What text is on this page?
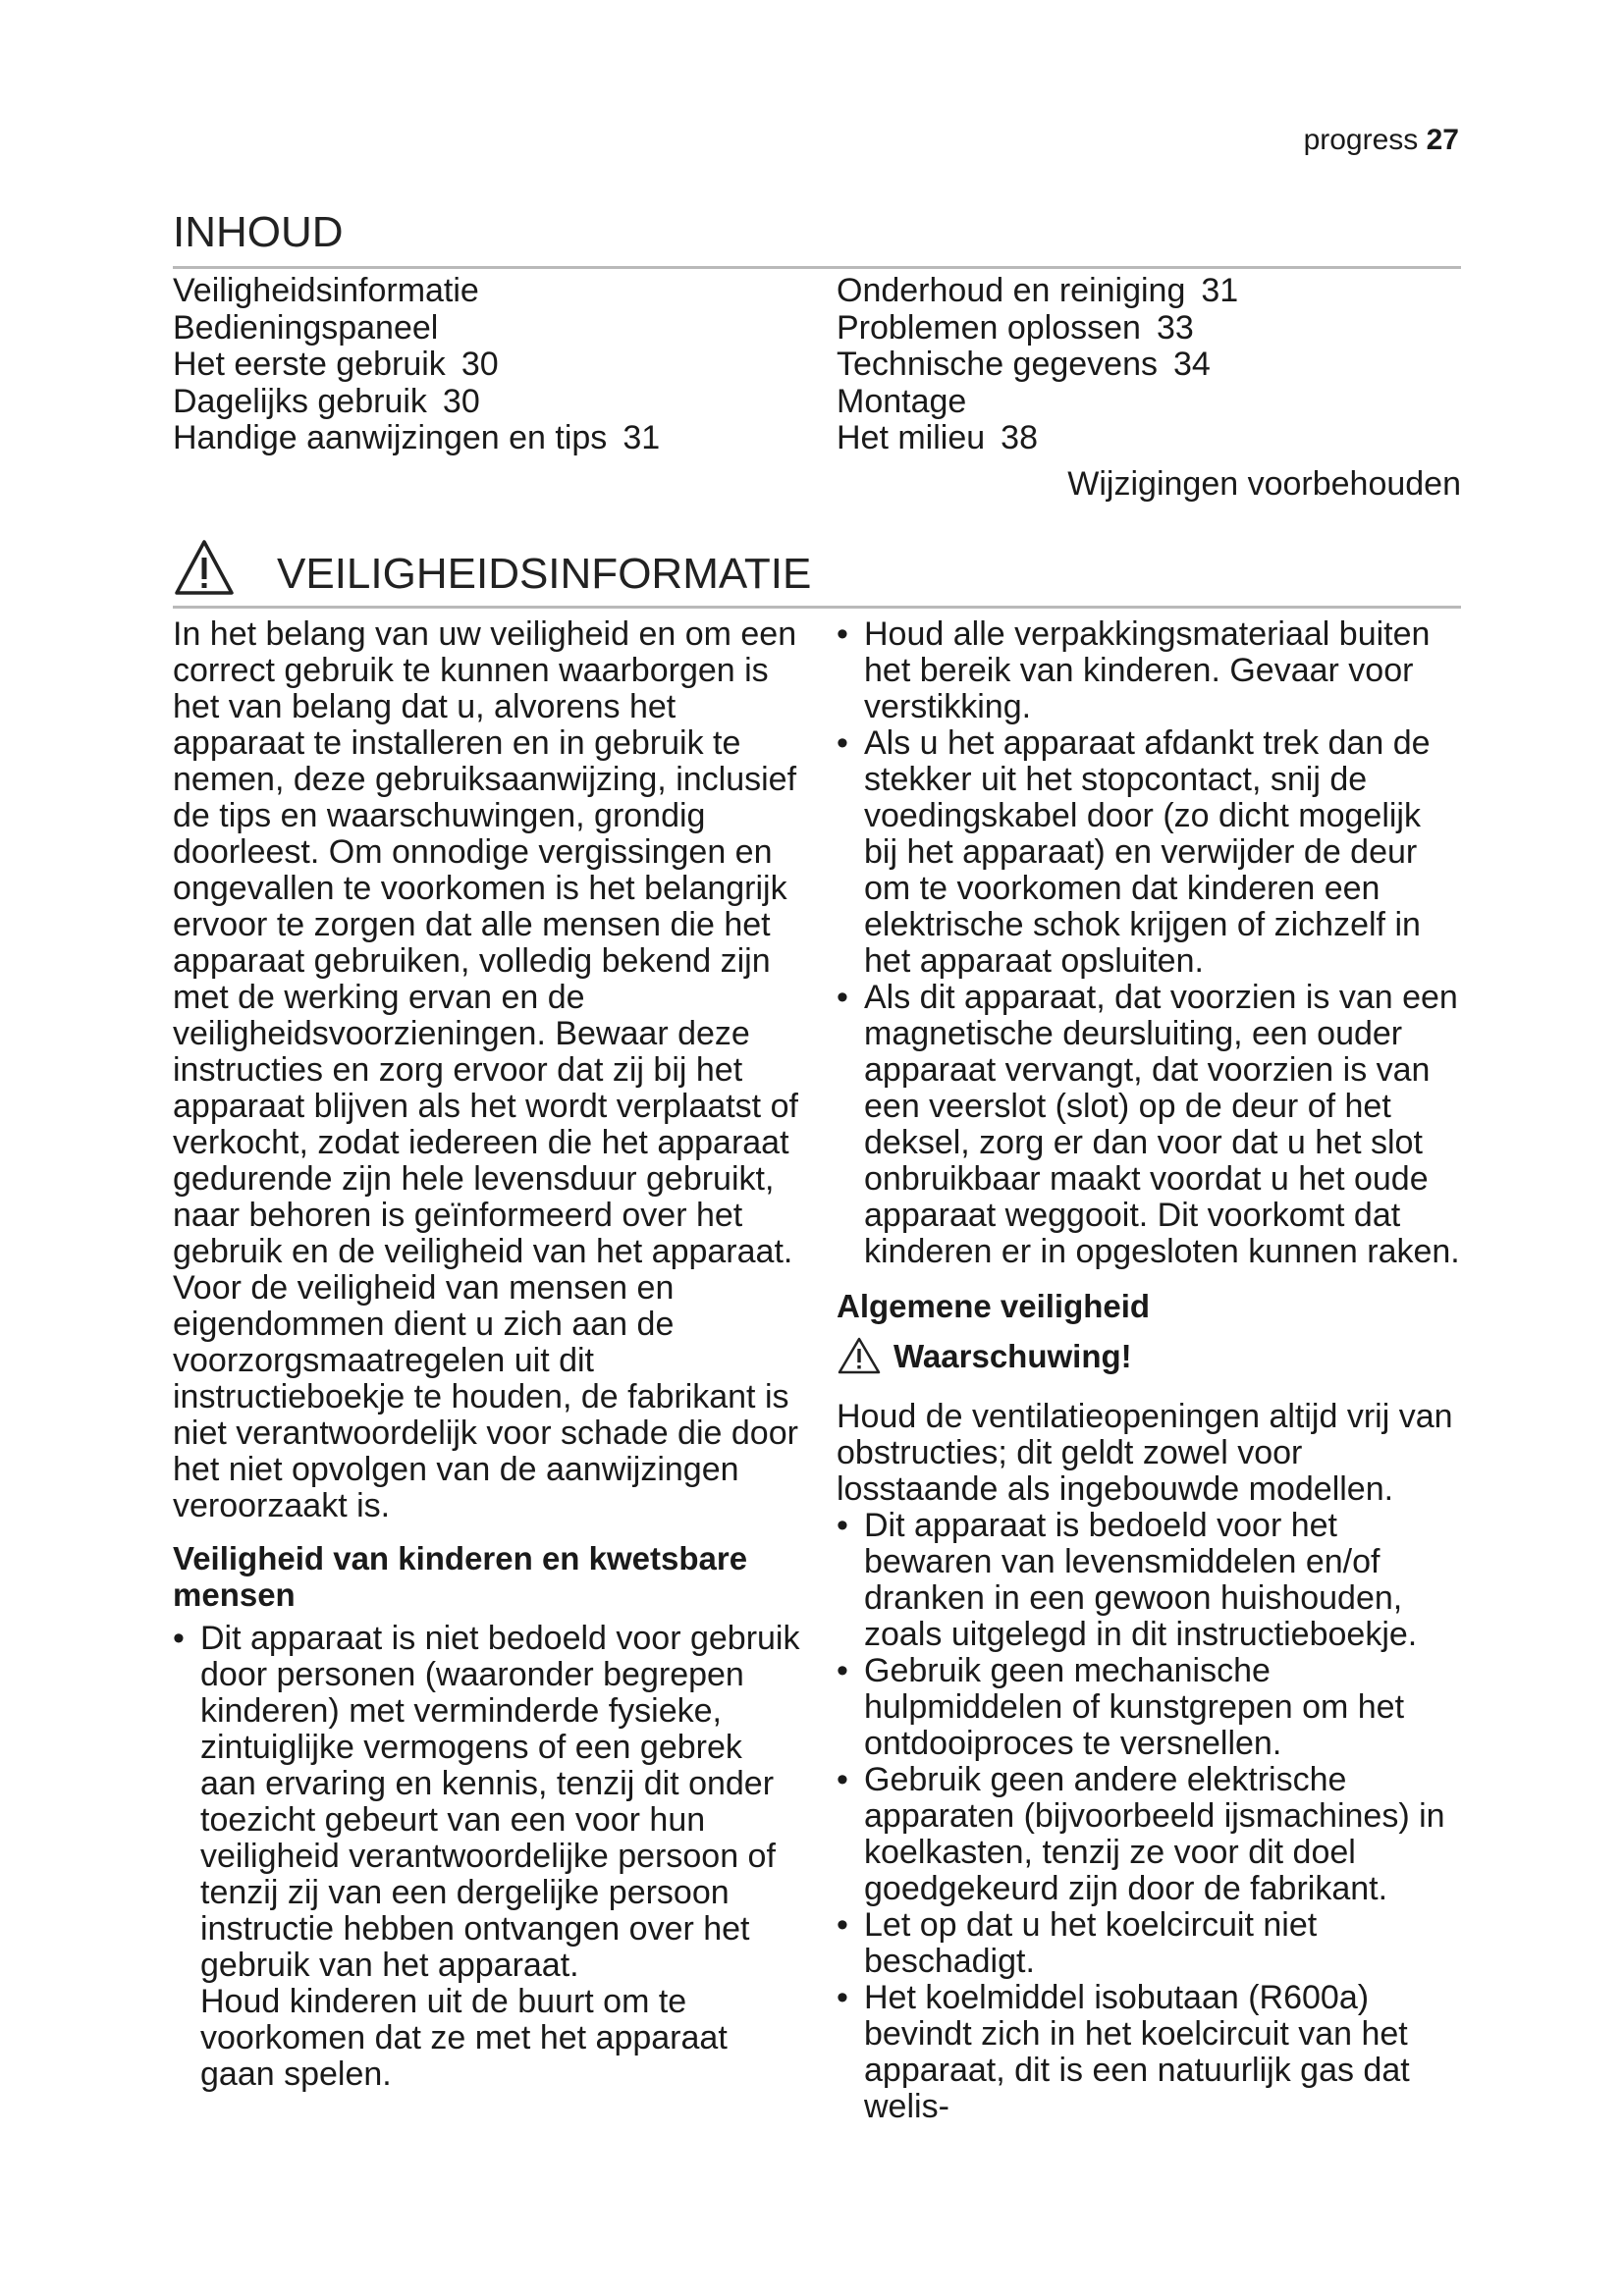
progress 27
INHOUD
Veiligheidsinformatie
Bedieningspaneel
Het eerste gebruik 30
Dagelijks gebruik 30
Handige aanwijzingen en tips 31
Onderhoud en reiniging 31
Problemen oplossen 33
Technische gegevens 34
Montage
Het milieu 38
Wijzigingen voorbehouden
VEILIGHEIDSINFORMATIE

In het belang van uw veiligheid en om een correct gebruik te kunnen waarborgen is het van belang dat u, alvorens het apparaat te installeren en in gebruik te nemen, deze gebruiksaanwijzing, inclusief de tips en waarschuwingen, grondig doorleest. Om onnodige vergissingen en ongevallen te voorkomen is het belangrijk ervoor te zorgen dat alle mensen die het apparaat gebruiken, volledig bekend zijn met de werking ervan en de veiligheidsvoorzieningen. Bewaar deze instructies en zorg ervoor dat zij bij het apparaat blijven als het wordt verplaatst of verkocht, zodat iedereen die het apparaat gedurende zijn hele levensduur gebruikt, naar behoren is geïnformeerd over het gebruik en de veiligheid van het apparaat.

Voor de veiligheid van mensen en eigendommen dient u zich aan de voorzorgsmaatregelen uit dit instructieboekje te houden, de fabrikant is niet verantwoordelijk voor schade die door het niet opvolgen van de aanwijzingen veroorzaakt is.

Veiligheid van kinderen en kwetsbare mensen
• Dit apparaat is niet bedoeld voor gebruik door personen (waaronder begrepen kinderen) met verminderde fysieke, zintuiglijke vermogens of een gebrek aan ervaring en kennis, tenzij dit onder toezicht gebeurt van een voor hun veiligheid verantwoordelijke persoon of tenzij zij van een dergelijke persoon instructie hebben ontvangen over het gebruik van het apparaat.
Houd kinderen uit de buurt om te voorkomen dat ze met het apparaat gaan spelen.
• Houd alle verpakkingsmateriaal buiten het bereik van kinderen. Gevaar voor verstikking.
• Als u het apparaat afdankt trek dan de stekker uit het stopcontact, snij de voedingskabel door (zo dicht mogelijk bij het apparaat) en verwijder de deur om te voorkomen dat kinderen een elektrische schok krijgen of zichzelf in het apparaat opsluiten.
• Als dit apparaat, dat voorzien is van een magnetische deursluiting, een ouder apparaat vervangt, dat voorzien is van een veerslot (slot) op de deur of het deksel, zorg er dan voor dat u het slot onbruikbaar maakt voordat u het oude apparaat weggooit. Dit voorkomt dat kinderen er in opgesloten kunnen raken.
Algemene veiligheid
Waarschuwing!

Houd de ventilatieopeningen altijd vrij van obstructies; dit geldt zowel voor losstaande als ingebouwde modellen.

• Dit apparaat is bedoeld voor het bewaren van levensmiddelen en/of dranken in een gewoon huishouden, zoals uitgelegd in dit instructieboekje.
• Gebruik geen mechanische hulpmiddelen of kunstgrepen om het ontdooiproces te versnellen.
• Gebruik geen andere elektrische apparaten (bijvoorbeeld ijsmachines) in koelkasten, tenzij ze voor dit doel goedgekeurd zijn door de fabrikant.
• Let op dat u het koelcircuit niet beschadigt.
• Het koelmiddel isobutaan (R600a) bevindt zich in het koelcircuit van het apparaat, dit is een natuurlijk gas dat welis-
